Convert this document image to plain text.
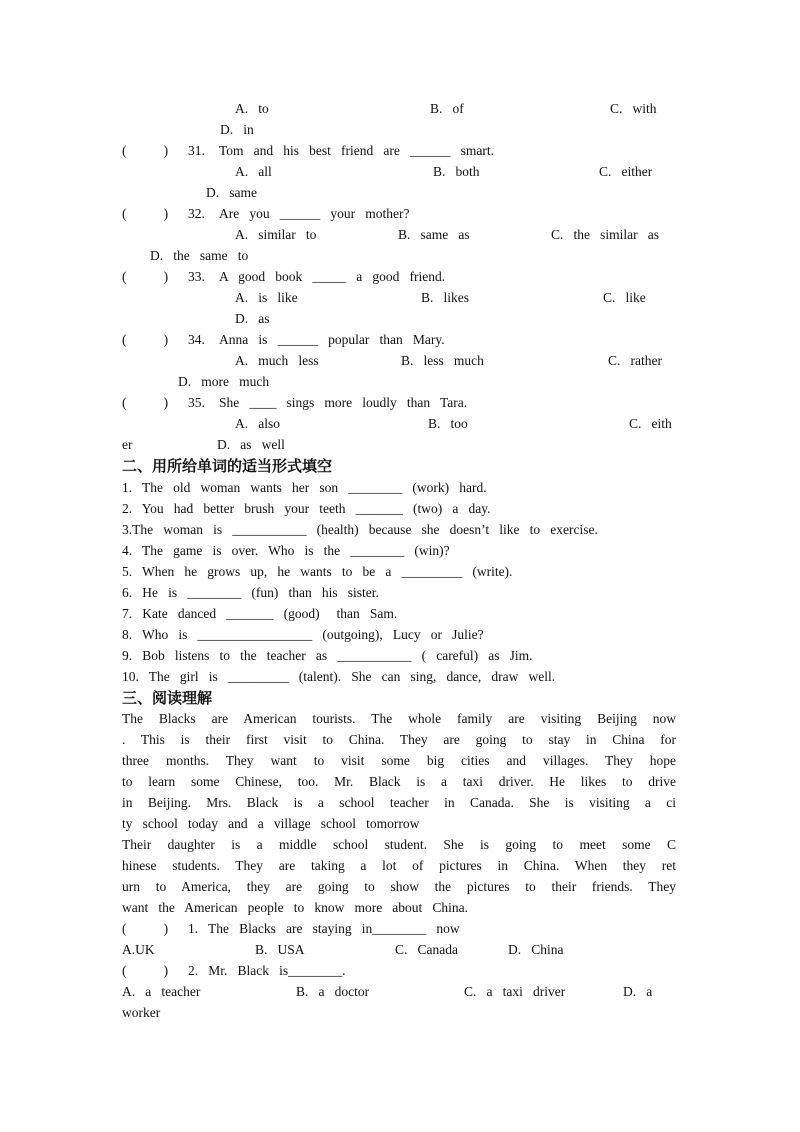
A.   to	B.   of	C.   with
D.   in
(           ) 31. Tom   and   his   best   friend   are   ______   smart.
A.   all	B.   both	C.   either
D.   same
(           ) 32. Are   you   ______   your   mother?
A.   similar   to	B.   same   as	C.   the   similar   as
D.   the   same   to
(           ) 33. A   good   book   _____   a   good   friend.
A.   is   like	B.   likes	C.   like
D.   as
(           ) 34. Anna   is   ______   popular   than   Mary.
A.   much   less	B.   less   much	C.   rather
D.   more   much
(           ) 35. She   ____   sings   more   loudly   than   Tara.
A.   also	B.   too	C.   eith
er	D.   as   well
二、用所给单词的适当形式填空
1.   The   old   woman   wants   her   son   ________   (work)   hard.
2.   You   had   better   brush   your   teeth   _______   (two)   a   day.
3.The   woman   is   ___________   (health)   because   she   doesn’t   like   to   exercise.
4.   The   game   is   over.   Who   is   the   ________   (win)?
5.   When   he   grows   up,   he   wants   to   be   a   _________   (write).
6.   He   is   ________   (fun)   than   his   sister.
7.   Kate   danced   _______   (good)     than   Sam.
8.   Who   is   _________________   (outgoing),   Lucy   or   Julie?
9.   Bob   listens   to   the   teacher   as   ___________   (   careful)   as   Jim.
10.   The   girl   is   _________   (talent).   She   can   sing,   dance,   draw   well.
三、阅读理解
The Blacks are American tourists. The whole family are visiting Beijing now
. This is their first visit to China. They are going to stay in China for
three months. They want to visit some big cities and villages. They hope
to learn some Chinese, too. Mr. Black is a taxi driver. He likes to drive
in Beijing. Mrs. Black is a school teacher in Canada. She is visiting a ci
ty   school   today   and   a   village   school   tomorrow
Their daughter is a middle school student. She is going to meet some C
hinese students. They are taking a lot of pictures in China. When they ret
urn to America, they are going to show the pictures to their friends. They
want   the   American   people   to   know   more   about   China.
(           ) 1.   The   Blacks   are   staying   in________   now
A.UK	B.   USA	C.   Canada	D.   China
(           ) 2.   Mr.   Black   is________.
A.   a   teacher	B.   a   doctor	C.   a   taxi   driver	D.   a
worker
